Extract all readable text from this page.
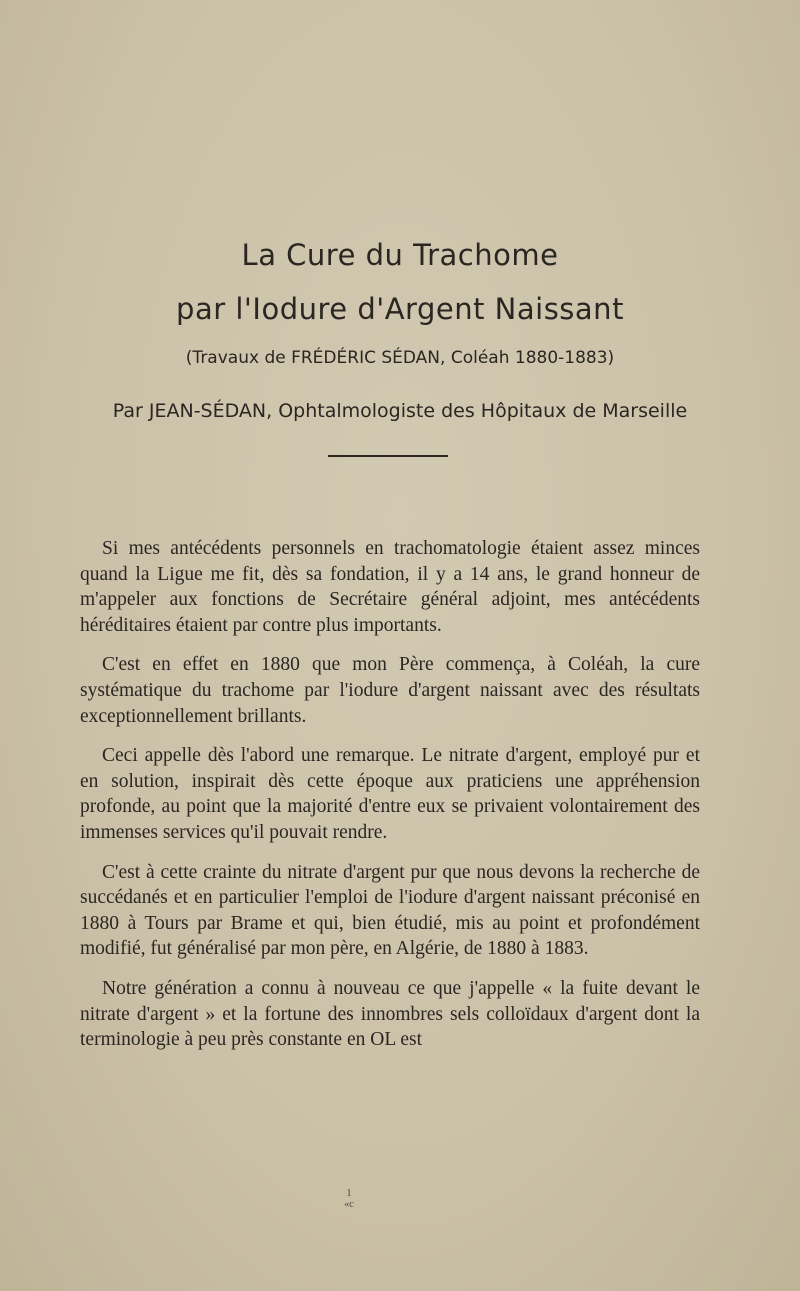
La Cure du Trachome
par l'Iodure d'Argent Naissant
(Travaux de FRÉDÉRIC SÉDAN, Coléah 1880-1883)
Par JEAN-SÉDAN, Ophtalmologiste des Hôpitaux de Marseille

Si mes antécédents personnels en trachomatologie étaient assez minces quand la Ligue me fit, dès sa fondation, il y a 14 ans, le grand honneur de m'appeler aux fonctions de Secrétaire général adjoint, mes antécédents héréditaires étaient par contre plus importants.

C'est en effet en 1880 que mon Père commença, à Coléah, la cure systématique du trachome par l'iodure d'argent naissant avec des résultats exceptionnellement brillants.

Ceci appelle dès l'abord une remarque. Le nitrate d'argent, employé pur et en solution, inspirait dès cette époque aux praticiens une appréhension profonde, au point que la majorité d'entre eux se privaient volontairement des immenses services qu'il pouvait rendre.

C'est à cette crainte du nitrate d'argent pur que nous devons la recherche de succédanés et en particulier l'emploi de l'iodure d'argent naissant préconisé en 1880 à Tours par Brame et qui, bien étudié, mis au point et profondément modifié, fut généralisé par mon père, en Algérie, de 1880 à 1883.

Notre génération a connu à nouveau ce que j'appelle « la fuite devant le nitrate d'argent » et la fortune des innombres sels colloïdaux d'argent dont la terminologie à peu près constante en OL est

1
«c
